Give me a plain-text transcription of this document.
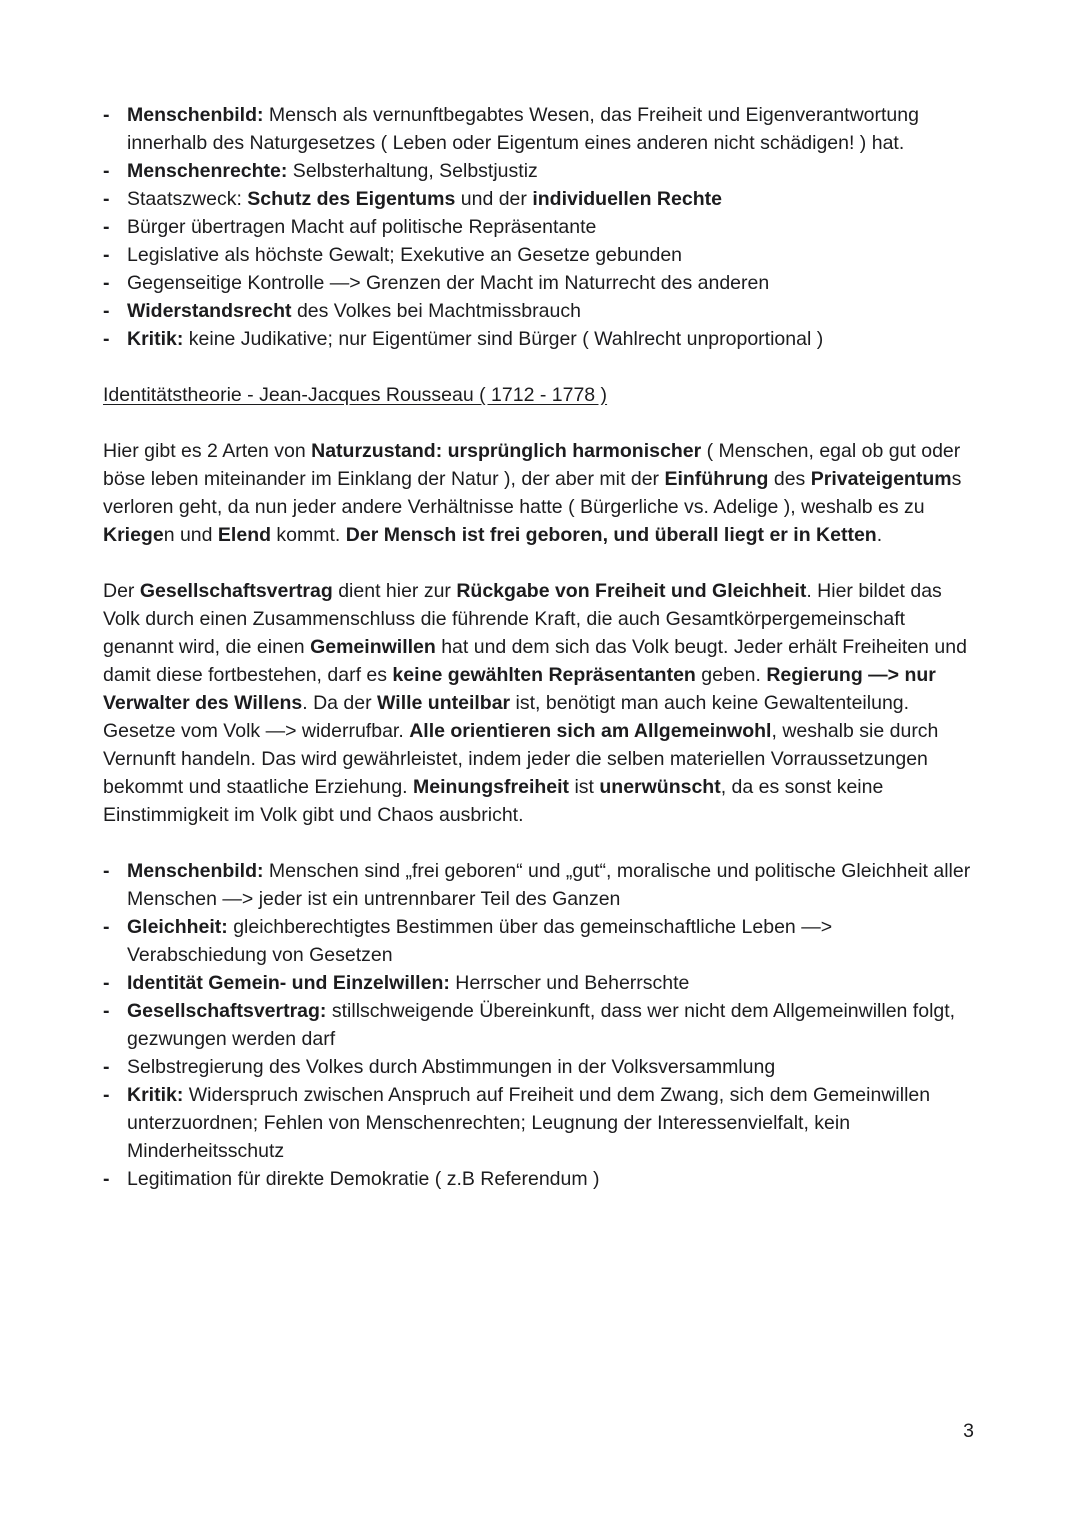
- Menschenbild: Mensch als vernunftbegabtes Wesen, das Freiheit und Eigenverantwortung innerhalb des Naturgesetzes ( Leben oder Eigentum eines anderen nicht schädigen! ) hat.
- Menschenrechte: Selbsterhaltung, Selbstjustiz
- Staatszweck: Schutz des Eigentums und der individuellen Rechte
- Bürger übertragen Macht auf politische Repräsentante
- Legislative als höchste Gewalt; Exekutive an Gesetze gebunden
- Gegenseitige Kontrolle —> Grenzen der Macht im Naturrecht des anderen
- Widerstandsrecht des Volkes bei Machtmissbrauch
- Kritik: keine Judikative; nur Eigentümer sind Bürger ( Wahlrecht unproportional )
Identitätstheorie - Jean-Jacques Rousseau ( 1712 - 1778 )

Hier gibt es 2 Arten von Naturzustand: ursprünglich harmonischer ( Menschen, egal ob gut oder böse leben miteinander im Einklang der Natur ), der aber mit der Einführung des Privateigentums verloren geht, da nun jeder andere Verhältnisse hatte ( Bürgerliche vs. Adelige ), weshalb es zu Kriegen und Elend kommt. Der Mensch ist frei geboren, und überall liegt er in Ketten.

Der Gesellschaftsvertrag dient hier zur Rückgabe von Freiheit und Gleichheit. Hier bildet das Volk durch einen Zusammenschluss die führende Kraft, die auch Gesamtkörpergemeinschaft genannt wird, die einen Gemeinwillen hat und dem sich das Volk beugt. Jeder erhält Freiheiten und damit diese fortbestehen, darf es keine gewählten Repräsentanten geben. Regierung —> nur Verwalter des Willens. Da der Wille unteilbar ist, benötigt man auch keine Gewaltenteilung. Gesetze vom Volk —> widerrufbar. Alle orientieren sich am Allgemeinwohl, weshalb sie durch Vernunft handeln. Das wird gewährleistet, indem jeder die selben materiellen Vorraussetzungen bekommt und staatliche Erziehung. Meinungsfreiheit ist unerwünscht, da es sonst keine Einstimmigkeit im Volk gibt und Chaos ausbricht.

- Menschenbild: Menschen sind „frei geboren“ und „gut“, moralische und politische Gleichheit aller Menschen —> jeder ist ein untrennbarer Teil des Ganzen
- Gleichheit: gleichberechtigtes Bestimmen über das gemeinschaftliche Leben —> Verabschiedung von Gesetzen
- Identität Gemein- und Einzelwillen: Herrscher und Beherrschte
- Gesellschaftsvertrag: stillschweigende Übereinkunft, dass wer nicht dem Allgemeinwillen folgt, gezwungen werden darf
- Selbstregierung des Volkes durch Abstimmungen in der Volksversammlung
- Kritik: Widerspruch zwischen Anspruch auf Freiheit und dem Zwang, sich dem Gemeinwillen unterzuordnen; Fehlen von Menschenrechten; Leugnung der Interessenvielfalt, kein Minderheitsschutz
- Legitimation für direkte Demokratie ( z.B Referendum )
3
